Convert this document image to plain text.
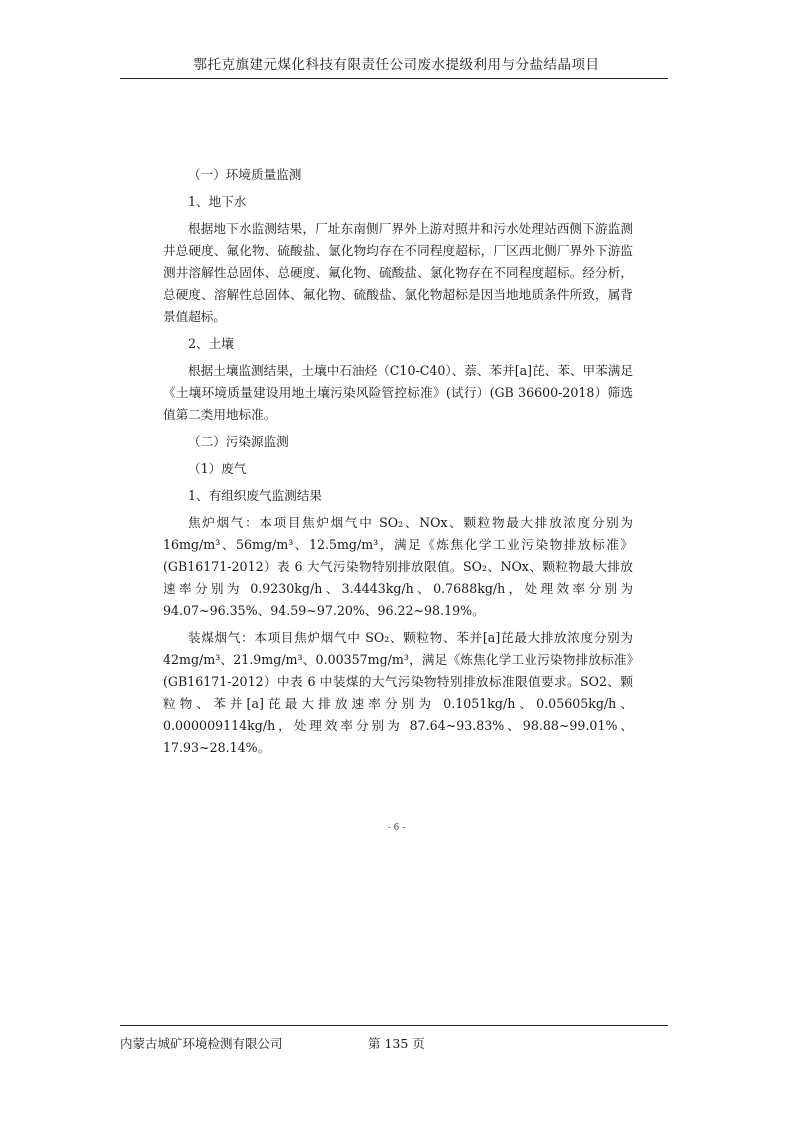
鄂托克旗建元煤化科技有限责任公司废水提级利用与分盐结晶项目

（一）环境质量监测

1、地下水

根据地下水监测结果，厂址东南侧厂界外上游对照井和污水处理站西侧下游监测井总硬度、氟化物、硫酸盐、氯化物均存在不同程度超标，厂区西北侧厂界外下游监测井溶解性总固体、总硬度、氟化物、硫酸盐、氯化物存在不同程度超标。经分析，总硬度、溶解性总固体、氟化物、硫酸盐、氯化物超标是因当地地质条件所致，属背景值超标。

2、土壤

根据土壤监测结果，土壤中石油烃（C10-C40）、萘、苯并[a]芘、苯、甲苯满足《土壤环境质量建设用地土壤污染风险管控标准》(试行）(GB 36600-2018）筛选值第二类用地标准。

（二）污染源监测

（1）废气

1、有组织废气监测结果

焦炉烟气：本项目焦炉烟气中 SO₂、NOx、颗粒物最大排放浓度分别为 16mg/m³、56mg/m³、12.5mg/m³，满足《炼焦化学工业污染物排放标准》(GB16171-2012）表 6 大气污染物特别排放限值。SO₂、NOx、颗粒物最大排放速率分别为 0.9230kg/h、3.4443kg/h、0.7688kg/h，处理效率分别为 94.07~96.35%、94.59~97.20%、96.22~98.19%。

装煤烟气：本项目焦炉烟气中 SO₂、颗粒物、苯并[a]芘最大排放浓度分别为 42mg/m³、21.9mg/m³、0.00357mg/m³，满足《炼焦化学工业污染物排放标准》(GB16171-2012）中表 6 中装煤的大气污染物特别排放标准限值要求。SO2、颗粒物、苯并[a]芘最大排放速率分别为 0.1051kg/h、0.05605kg/h、0.000009114kg/h，处理效率分别为 87.64~93.83%、98.88~99.01%、17.93~28.14%。

- 6 -
内蒙古城矿环境检测有限公司	第 135 页
